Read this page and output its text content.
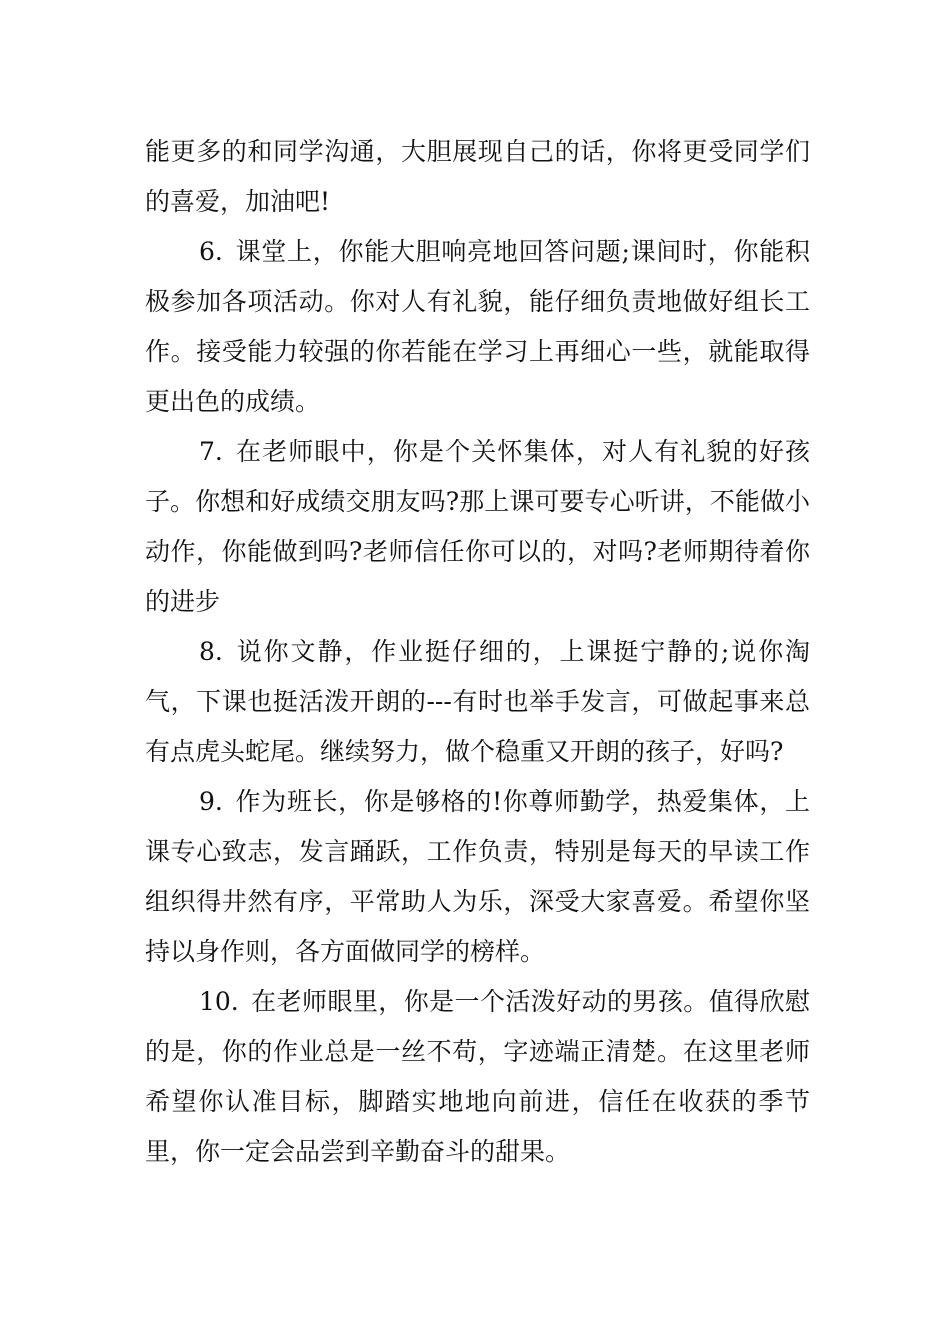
能更多的和同学沟通，大胆展现自己的话，你将更受同学们的喜爱，加油吧!

6. 课堂上，你能大胆响亮地回答问题;课间时，你能积极参加各项活动。你对人有礼貌，能仔细负责地做好组长工作。接受能力较强的你若能在学习上再细心一些，就能取得更出色的成绩。

7. 在老师眼中，你是个关怀集体，对人有礼貌的好孩子。你想和好成绩交朋友吗?那上课可要专心听讲，不能做小动作，你能做到吗?老师信任你可以的，对吗?老师期待着你的进步

8. 说你文静，作业挺仔细的，上课挺宁静的;说你淘气，下课也挺活泼开朗的---有时也举手发言，可做起事来总有点虎头蛇尾。继续努力，做个稳重又开朗的孩子，好吗?

9. 作为班长，你是够格的!你尊师勤学，热爱集体，上课专心致志，发言踊跃，工作负责，特别是每天的早读工作组织得井然有序，平常助人为乐，深受大家喜爱。希望你坚持以身作则，各方面做同学的榜样。

10. 在老师眼里，你是一个活泼好动的男孩。值得欣慰的是，你的作业总是一丝不苟，字迹端正清楚。在这里老师希望你认准目标，脚踏实地地向前进，信任在收获的季节里，你一定会品尝到辛勤奋斗的甜果。
